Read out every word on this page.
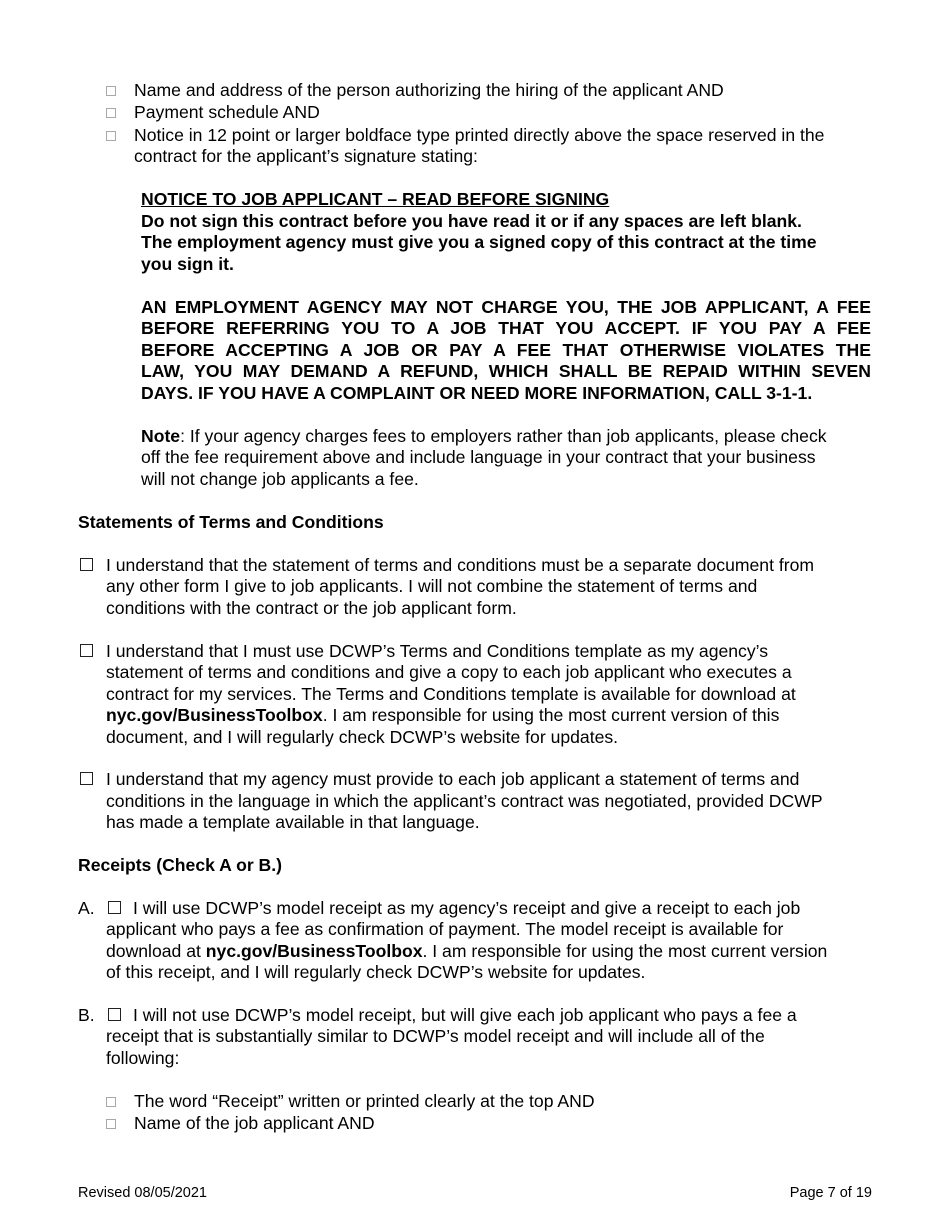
Name and address of the person authorizing the hiring of the applicant AND
Payment schedule AND
Notice in 12 point or larger boldface type printed directly above the space reserved in the
contract for the applicant’s signature stating:
NOTICE TO JOB APPLICANT – READ BEFORE SIGNING
Do not sign this contract before you have read it or if any spaces are left blank.
The employment agency must give you a signed copy of this contract at the time
you sign it.
AN EMPLOYMENT AGENCY MAY NOT CHARGE YOU, THE JOB APPLICANT, A FEE
BEFORE REFERRING YOU TO A JOB THAT YOU ACCEPT. IF YOU PAY A FEE
BEFORE ACCEPTING A JOB OR PAY A FEE THAT OTHERWISE VIOLATES THE
LAW, YOU MAY DEMAND A REFUND, WHICH SHALL BE REPAID WITHIN SEVEN
DAYS. IF YOU HAVE A COMPLAINT OR NEED MORE INFORMATION, CALL 3-1-1.
Note: If your agency charges fees to employers rather than job applicants, please check
off the fee requirement above and include language in your contract that your business
will not change job applicants a fee.
Statements of Terms and Conditions
I understand that the statement of terms and conditions must be a separate document from
any other form I give to job applicants. I will not combine the statement of terms and
conditions with the contract or the job applicant form.
I understand that I must use DCWP’s Terms and Conditions template as my agency’s
statement of terms and conditions and give a copy to each job applicant who executes a
contract for my services. The Terms and Conditions template is available for download at
nyc.gov/BusinessToolbox. I am responsible for using the most current version of this
document, and I will regularly check DCWP’s website for updates.
I understand that my agency must provide to each job applicant a statement of terms and
conditions in the language in which the applicant’s contract was negotiated, provided DCWP
has made a template available in that language.
Receipts (Check A or B.)
A. I will use DCWP’s model receipt as my agency’s receipt and give a receipt to each job
applicant who pays a fee as confirmation of payment. The model receipt is available for
download at nyc.gov/BusinessToolbox. I am responsible for using the most current version
of this receipt, and I will regularly check DCWP’s website for updates.
B. I will not use DCWP’s model receipt, but will give each job applicant who pays a fee a
receipt that is substantially similar to DCWP’s model receipt and will include all of the
following:
The word “Receipt” written or printed clearly at the top AND
Name of the job applicant AND
Revised 08/05/2021	Page 7 of 19
